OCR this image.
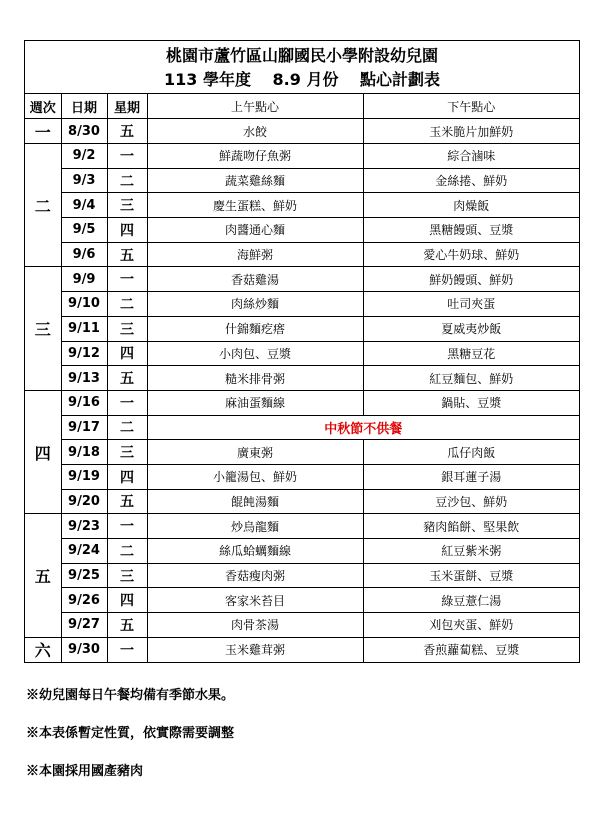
桃園市蘆竹區山腳國民小學附設幼兒園
113 學年度　 8.9 月份　 點心計劃表
週次	日期	星期	上午點心	下午點心
一	8/30	五	水餃	玉米脆片加鮮奶
二	9/2	一	鮮蔬吻仔魚粥	綜合滷味
	9/3	二	蔬菜雞絲麵	金絲捲、鮮奶
	9/4	三	慶生蛋糕、鮮奶	肉燥飯
	9/5	四	肉醬通心麵	黑糖饅頭、豆漿
	9/6	五	海鮮粥	愛心牛奶球、鮮奶
三	9/9	一	香菇雞湯	鮮奶饅頭、鮮奶
	9/10	二	肉絲炒麵	吐司夾蛋
	9/11	三	什錦麵疙瘩	夏威夷炒飯
	9/12	四	小肉包、豆漿	黑糖豆花
	9/13	五	糙米排骨粥	紅豆麵包、鮮奶
四	9/16	一	麻油蛋麵線	鍋貼、豆漿
	9/17	二	中秋節不供餐	
	9/18	三	廣東粥	瓜仔肉飯
	9/19	四	小籠湯包、鮮奶	銀耳蓮子湯
	9/20	五	餛飩湯麵	豆沙包、鮮奶
五	9/23	一	炒烏龍麵	豬肉餡餅、堅果飲
	9/24	二	絲瓜蛤蠣麵線	紅豆紫米粥
	9/25	三	香菇瘦肉粥	玉米蛋餅、豆漿
	9/26	四	客家米苔目	綠豆薏仁湯
	9/27	五	肉骨茶湯	刈包夾蛋、鮮奶
六	9/30	一	玉米雞茸粥	香煎蘿蔔糕、豆漿
※幼兒園每日午餐均備有季節水果。
※本表係暫定性質，依實際需要調整
※本園採用國產豬肉
